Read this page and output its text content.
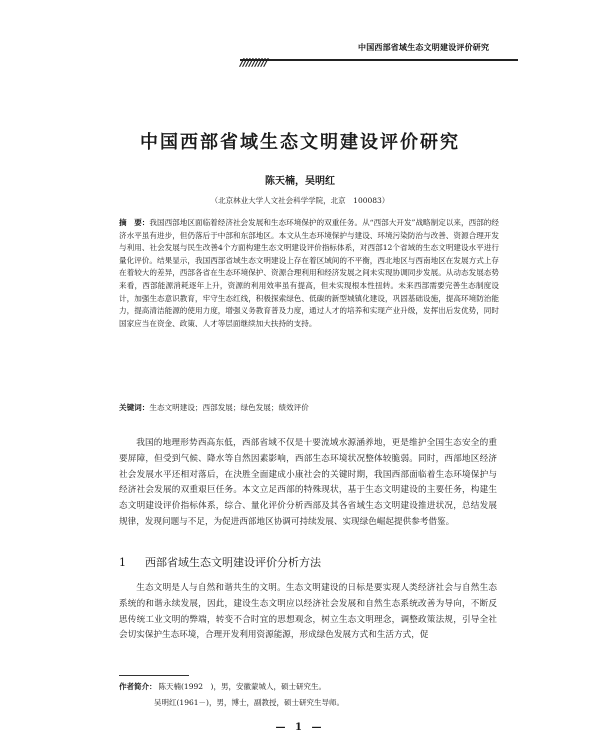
中国西部省域生态文明建设评价研究
/////////
中国西部省域生态文明建设评价研究
陈天楠，吴明红
（北京林业大学人文社会科学学院，北京　100083）
摘　要：我国西部地区面临着经济社会发展和生态环境保护的双重任务。从“西部大开发”战略制定以来，西部的经济水平虽有进步，但仍落后于中部和东部地区。本文从生态环境保护与建设、环境污染防治与改善、资源合理开发与利用、社会发展与民生改善4个方面构建生态文明建设评价指标体系，对西部12个省域的生态文明建设水平进行量化评价。结果显示，我国西部省域生态文明建设上存在着区域间的不平衡，西北地区与西南地区在发展方式上存在着较大的差异，西部各省在生态环境保护、资源合理利用和经济发展之间未实现协调同步发展。从动态发展态势来看，西部能源消耗逐年上升，资源的利用效率虽有提高，但未实现根本性扭转。未来西部需要完善生态制度设计，加强生态意识教育，牢守生态红线，积极探索绿色、低碳的新型城镇化建设，巩固基础设施，提高环境防治能力，提高清洁能源的使用力度，增强义务教育普及力度，通过人才的培养和实现产业升级，发挥出后发优势，同时国家应当在资金、政策、人才等层面继续加大扶持的支持。
关键词：生态文明建设；西部发展；绿色发展；绩效评价
我国的地理形势西高东低，西部省域不仅是十要流域水源涵养地，更是维护全国生态安全的重要屏障，但受到气候、降水等自然因素影响，西部生态环境状况整体较脆弱。同时，西部地区经济社会发展水平还相对落后，在決胜全面建成小康社会的关键时期，我国西部面临着生态环境保护与经济社会发展的双重艰巨任务。本文立足西部的特殊现状，基于生态文明建设的主要任务，构建生态文明建设评价指标体系，综合、量化评价分析西部及其各省域生态文明建设推进状况，总结发展规律，发现问题与不足，为促进西部地区协调可持续发展、实现绿色崛起提供参考借鉴。
1 西部省域生态文明建设评价分析方法
生态文明是人与自然和谐共生的文明。生态文明建设的日标是要实现人类经济社会与自然生态系统的和谐永续发展，因此，建设生态文明应以经济社会发展和自然生态系统改善为导向，不断反思传统工业文明的弊端，转变不合时宜的思想观念，树立生态文明理念，调整政策法规，引导全社会切实保护生态环境，合理开发利用资源能源，形成绿色发展方式和生活方式，促
作者简介： 陈天楠(1992　)，男，安徽蒙城人，硕士研究生。
吴明红(1961－)，男，博士，副教授，硕士研究生导师。
— 1 —
